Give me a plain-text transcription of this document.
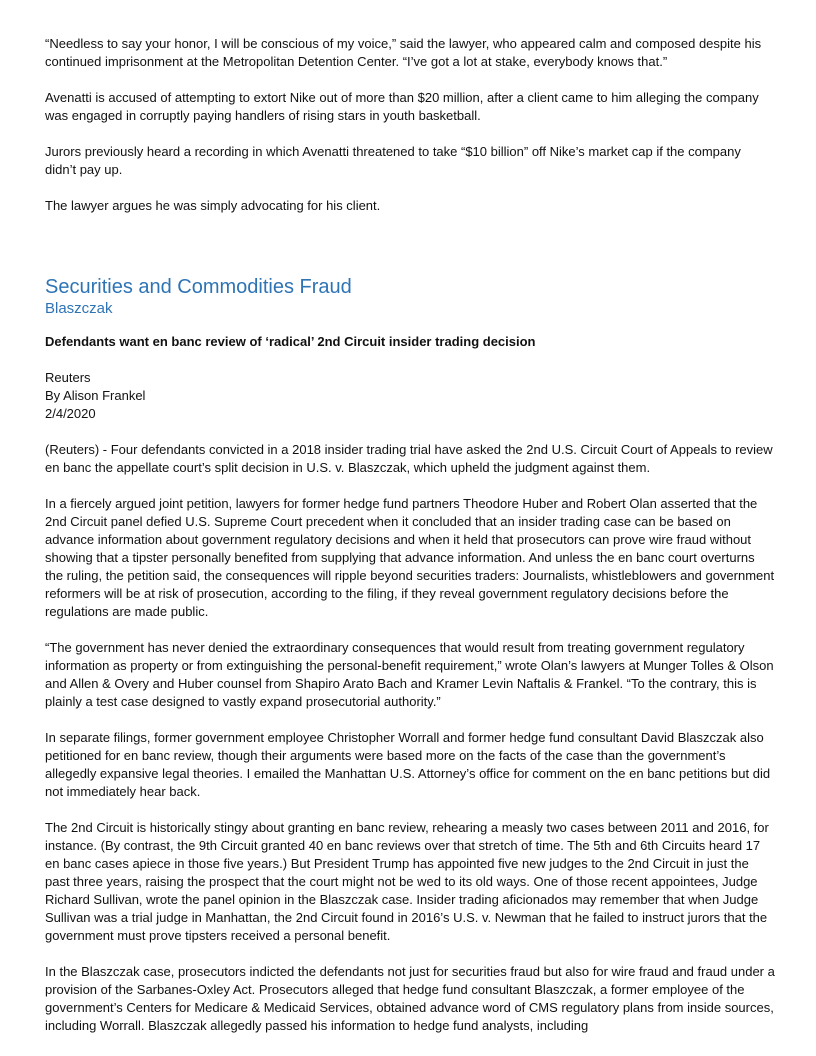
“Needless to say your honor, I will be conscious of my voice,” said the lawyer, who appeared calm and composed despite his continued imprisonment at the Metropolitan Detention Center. “I’ve got a lot at stake, everybody knows that.”

Avenatti is accused of attempting to extort Nike out of more than $20 million, after a client came to him alleging the company was engaged in corruptly paying handlers of rising stars in youth basketball.

Jurors previously heard a recording in which Avenatti threatened to take “$10 billion” off Nike’s market cap if the company didn’t pay up.

The lawyer argues he was simply advocating for his client.

Securities and Commodities Fraud
Blaszczak

Defendants want en banc review of ‘radical’ 2nd Circuit insider trading decision

Reuters
By Alison Frankel
2/4/2020

(Reuters) - Four defendants convicted in a 2018 insider trading trial have asked the 2nd U.S. Circuit Court of Appeals to review en banc the appellate court’s split decision in U.S. v. Blaszczak, which upheld the judgment against them.

In a fiercely argued joint petition, lawyers for former hedge fund partners Theodore Huber and Robert Olan asserted that the 2nd Circuit panel defied U.S. Supreme Court precedent when it concluded that an insider trading case can be based on advance information about government regulatory decisions and when it held that prosecutors can prove wire fraud without showing that a tipster personally benefited from supplying that advance information. And unless the en banc court overturns the ruling, the petition said, the consequences will ripple beyond securities traders: Journalists, whistleblowers and government reformers will be at risk of prosecution, according to the filing, if they reveal government regulatory decisions before the regulations are made public.

“The government has never denied the extraordinary consequences that would result from treating government regulatory information as property or from extinguishing the personal-benefit requirement,” wrote Olan’s lawyers at Munger Tolles & Olson and Allen & Overy and Huber counsel from Shapiro Arato Bach and Kramer Levin Naftalis & Frankel. “To the contrary, this is plainly a test case designed to vastly expand prosecutorial authority.”

In separate filings, former government employee Christopher Worrall and former hedge fund consultant David Blaszczak also petitioned for en banc review, though their arguments were based more on the facts of the case than the government’s allegedly expansive legal theories. I emailed the Manhattan U.S. Attorney’s office for comment on the en banc petitions but did not immediately hear back.

The 2nd Circuit is historically stingy about granting en banc review, rehearing a measly two cases between 2011 and 2016, for instance. (By contrast, the 9th Circuit granted 40 en banc reviews over that stretch of time. The 5th and 6th Circuits heard 17 en banc cases apiece in those five years.) But President Trump has appointed five new judges to the 2nd Circuit in just the past three years, raising the prospect that the court might not be wed to its old ways. One of those recent appointees, Judge Richard Sullivan, wrote the panel opinion in the Blaszczak case. Insider trading aficionados may remember that when Judge Sullivan was a trial judge in Manhattan, the 2nd Circuit found in 2016’s U.S. v. Newman that he failed to instruct jurors that the government must prove tipsters received a personal benefit.

In the Blaszczak case, prosecutors indicted the defendants not just for securities fraud but also for wire fraud and fraud under a provision of the Sarbanes-Oxley Act. Prosecutors alleged that hedge fund consultant Blaszczak, a former employee of the government’s Centers for Medicare & Medicaid Services, obtained advance word of CMS regulatory plans from inside sources, including Worrall. Blaszczak allegedly passed his information to hedge fund analysts, including
